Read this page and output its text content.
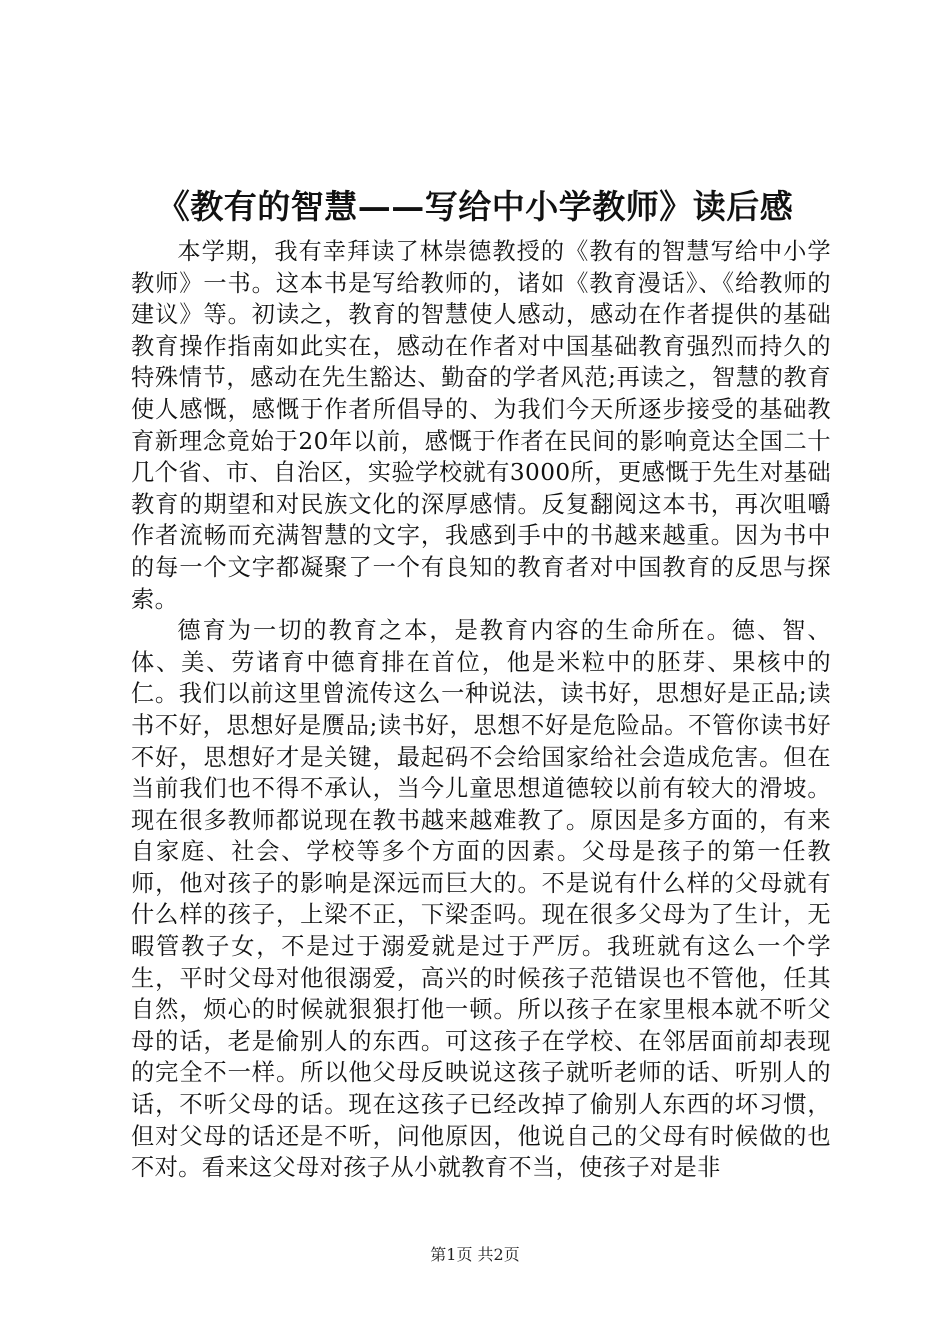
《教有的智慧——写给中小学教师》读后感

本学期，我有幸拜读了林崇德教授的《教有的智慧写给中小学教师》一书。这本书是写给教师的，诸如《教育漫话》、《给教师的建议》等。初读之，教育的智慧使人感动，感动在作者提供的基础教育操作指南如此实在，感动在作者对中国基础教育强烈而持久的特殊情节，感动在先生豁达、勤奋的学者风范;再读之，智慧的教育使人感慨，感慨于作者所倡导的、为我们今天所逐步接受的基础教育新理念竟始于20年以前，感慨于作者在民间的影响竟达全国二十几个省、市、自治区，实验学校就有3000所，更感慨于先生对基础教育的期望和对民族文化的深厚感情。反复翻阅这本书，再次咀嚼作者流畅而充满智慧的文字，我感到手中的书越来越重。因为书中的每一个文字都凝聚了一个有良知的教育者对中国教育的反思与探索。

德育为一切的教育之本，是教育内容的生命所在。德、智、体、美、劳诸育中德育排在首位，他是米粒中的胚芽、果核中的仁。我们以前这里曾流传这么一种说法，读书好，思想好是正品;读书不好，思想好是赝品;读书好，思想不好是危险品。不管你读书好不好，思想好才是关键，最起码不会给国家给社会造成危害。但在当前我们也不得不承认，当今儿童思想道德较以前有较大的滑坡。现在很多教师都说现在教书越来越难教了。原因是多方面的，有来自家庭、社会、学校等多个方面的因素。父母是孩子的第一任教师，他对孩子的影响是深远而巨大的。不是说有什么样的父母就有什么样的孩子，上梁不正，下梁歪吗。现在很多父母为了生计，无暇管教子女，不是过于溺爱就是过于严厉。我班就有这么一个学生，平时父母对他很溺爱，高兴的时候孩子范错误也不管他，任其自然，烦心的时候就狠狠打他一顿。所以孩子在家里根本就不听父母的话，老是偷别人的东西。可这孩子在学校、在邻居面前却表现的完全不一样。所以他父母反映说这孩子就听老师的话、听别人的话，不听父母的话。现在这孩子已经改掉了偷别人东西的坏习惯，但对父母的话还是不听，问他原因，他说自己的父母有时候做的也不对。看来这父母对孩子从小就教育不当，使孩子对是非

第1页 共2页
